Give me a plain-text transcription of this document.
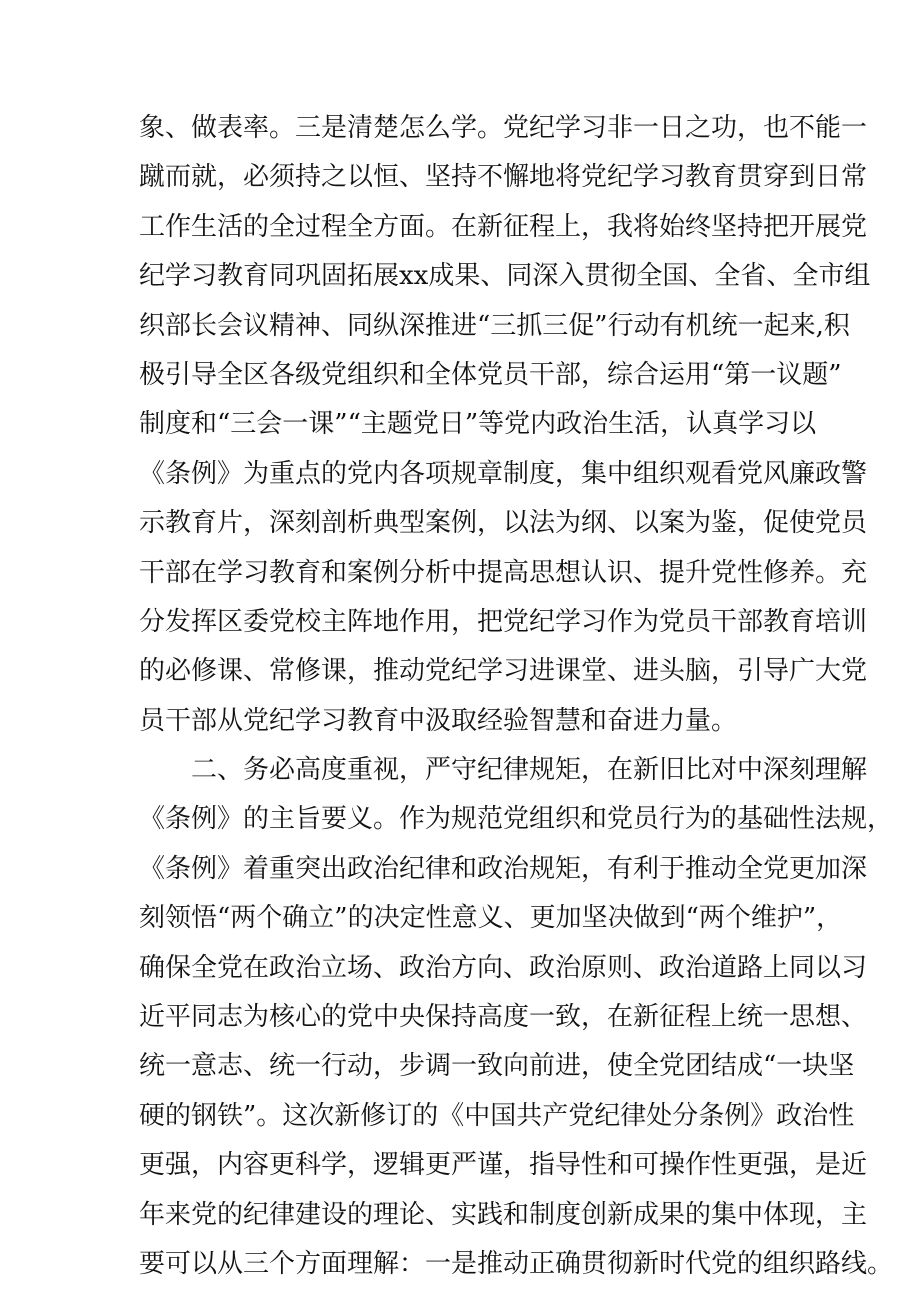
象、做表率。三是清楚怎么学。党纪学习非一日之功，也不能一
蹴而就，必须持之以恒、坚持不懈地将党纪学习教育贯穿到日常
工作生活的全过程全方面。在新征程上，我将始终坚持把开展党
纪学习教育同巩固拓展xx成果、同深入贯彻全国、全省、全市组
织部长会议精神、同纵深推进“三抓三促”行动有机统一起来,积
极引导全区各级党组织和全体党员干部，综合运用“第一议题”
制度和“三会一课”“主题党日”等党内政治生活，认真学习以
《条例》为重点的党内各项规章制度，集中组织观看党风廉政警
示教育片，深刻剖析典型案例，以法为纲、以案为鉴，促使党员
干部在学习教育和案例分析中提高思想认识、提升党性修养。充
分发挥区委党校主阵地作用，把党纪学习作为党员干部教育培训
的必修课、常修课，推动党纪学习进课堂、进头脑，引导广大党
员干部从党纪学习教育中汲取经验智慧和奋进力量。
二、务必高度重视，严守纪律规矩，在新旧比对中深刻理解
《条例》的主旨要义。作为规范党组织和党员行为的基础性法规，
《条例》着重突出政治纪律和政治规矩，有利于推动全党更加深
刻领悟“两个确立”的决定性意义、更加坚决做到“两个维护”，
确保全党在政治立场、政治方向、政治原则、政治道路上同以习
近平同志为核心的党中央保持高度一致，在新征程上统一思想、
统一意志、统一行动，步调一致向前进，使全党团结成“一块坚
硬的钢铁”。这次新修订的《中国共产党纪律处分条例》政治性
更强，内容更科学，逻辑更严谨，指导性和可操作性更强，是近
年来党的纪律建设的理论、实践和制度创新成果的集中体现，主
要可以从三个方面理解：一是推动正确贯彻新时代党的组织路线。
